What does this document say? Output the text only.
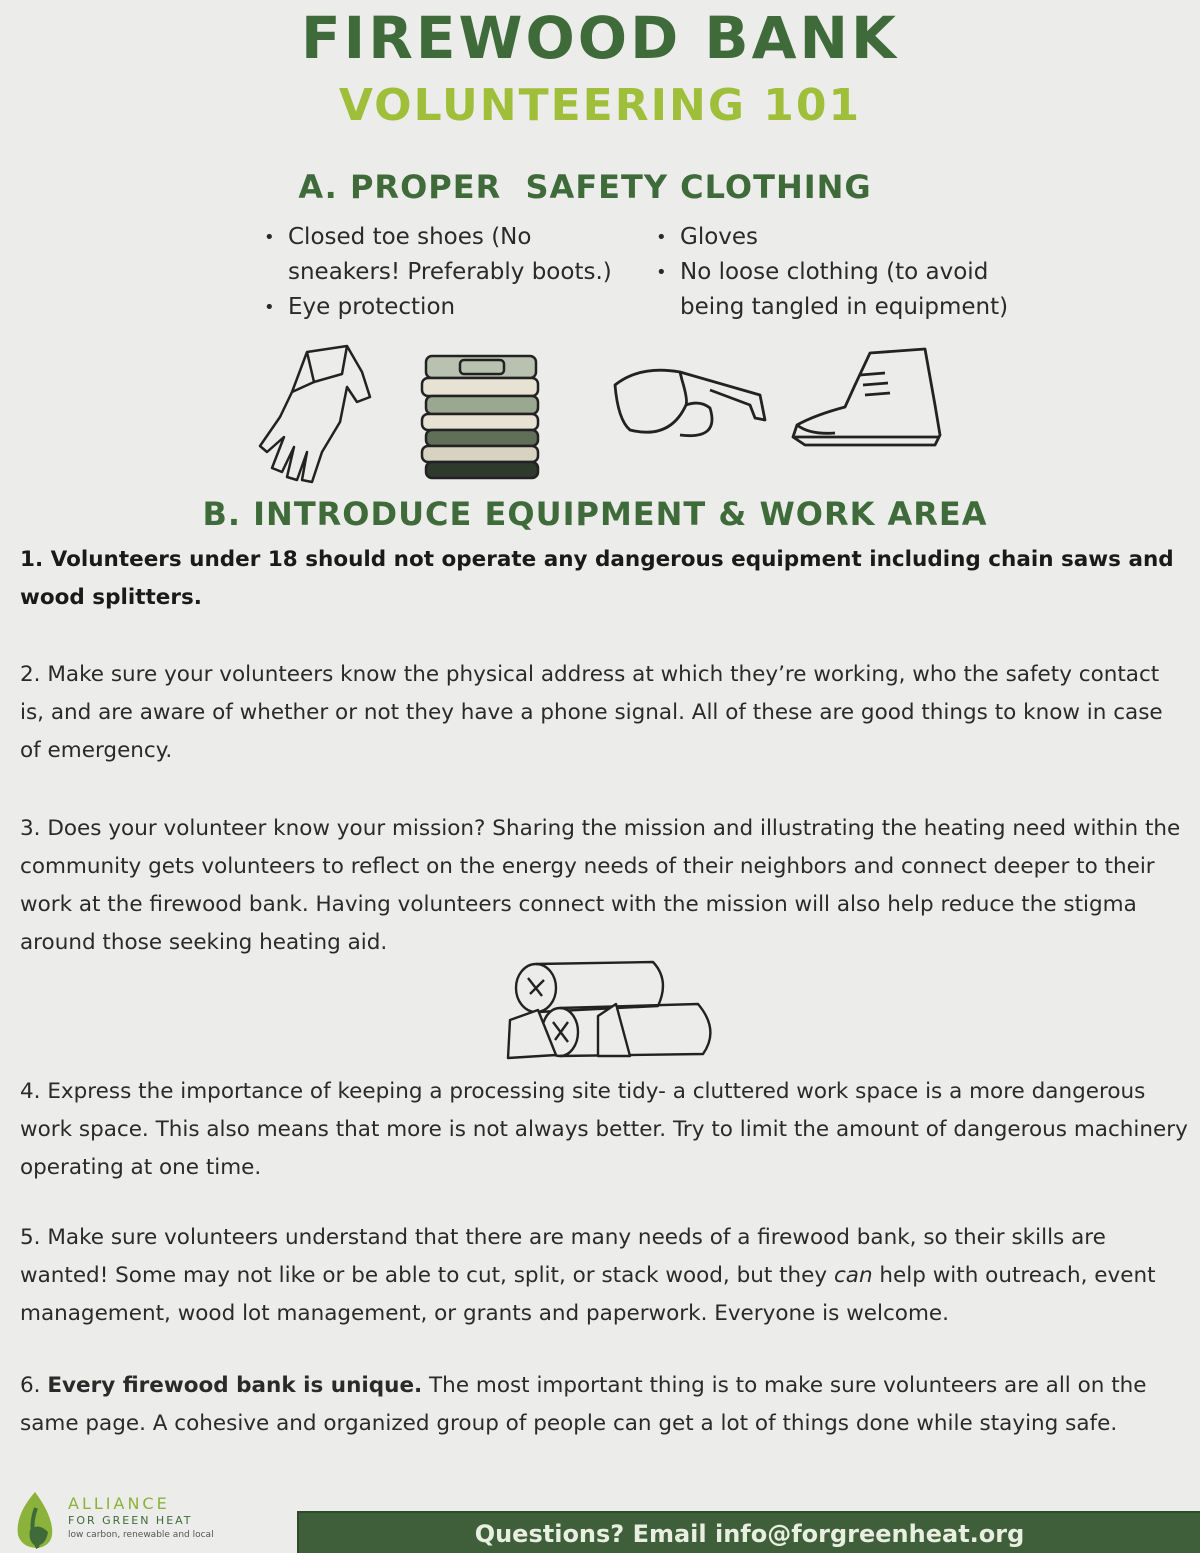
FIREWOOD BANK
VOLUNTEERING 101
A. PROPER  SAFETY CLOTHING
• Closed toe shoes (No sneakers! Preferably boots.)
• Eye protection
• Gloves
• No loose clothing (to avoid being tangled in equipment)
B. INTRODUCE EQUIPMENT & WORK AREA
1. Volunteers under 18 should not operate any dangerous equipment including chain saws and wood splitters.
2. Make sure your volunteers know the physical address at which they’re working, who the safety contact is, and are aware of whether or not they have a phone signal. All of these are good things to know in case of emergency.
3. Does your volunteer know your mission? Sharing the mission and illustrating the heating need within the community gets volunteers to reflect on the energy needs of their neighbors and connect deeper to their work at the firewood bank. Having volunteers connect with the mission will also help reduce the stigma around those seeking heating aid.
4. Express the importance of keeping a processing site tidy- a cluttered work space is a more dangerous work space. This also means that more is not always better. Try to limit the amount of dangerous machinery operating at one time.
5. Make sure volunteers understand that there are many needs of a firewood bank, so their skills are wanted! Some may not like or be able to cut, split, or stack wood, but they can help with outreach, event management, wood lot management, or grants and paperwork. Everyone is welcome.
6. Every firewood bank is unique. The most important thing is to make sure volunteers are all on the same page. A cohesive and organized group of people can get a lot of things done while staying safe.
ALLIANCE
FOR GREEN HEAT
low carbon, renewable and local	Questions? Email info@forgreenheat.org
